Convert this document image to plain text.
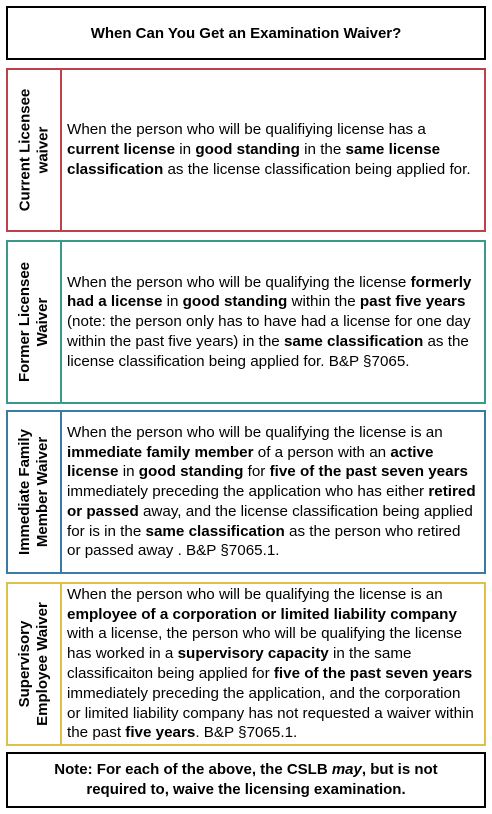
When Can You Get an Examination Waiver?
Current Licensee
waiver When the person who will be qualifiying license has a current license in good standing in the same license classification as the license classification being applied for.

Former Licensee
Waiver

When the person who will be qualifying the license formerly had a license in good standing within the past five years (note: the person only has to have had a license for one day within the past five years) in the same classification as the license classification being applied for. B&P §7065.

Immediate Family
Member Waiver

When the person who will be qualifying the license is an immediate family member of a person with an active license in good standing for five of the past seven years immediately preceding the application who has either retired or passed away, and the license classification being applied for is in the same classification as the person who retired or passed away . B&P §7065.1.

Supervisory
Employee Waiver

When the person who will be qualifying the license is an employee of a corporation or limited liability company with a license, the person who will be qualifying the license has worked in a supervisory capacity in the same classificaiton being applied for five of the past seven years immediately preceding the application, and the corporation or limited liability company has not requested a waiver within the past five years. B&P §7065.1.

Note: For each of the above, the CSLB may, but is not required to, waive the licensing examination.
